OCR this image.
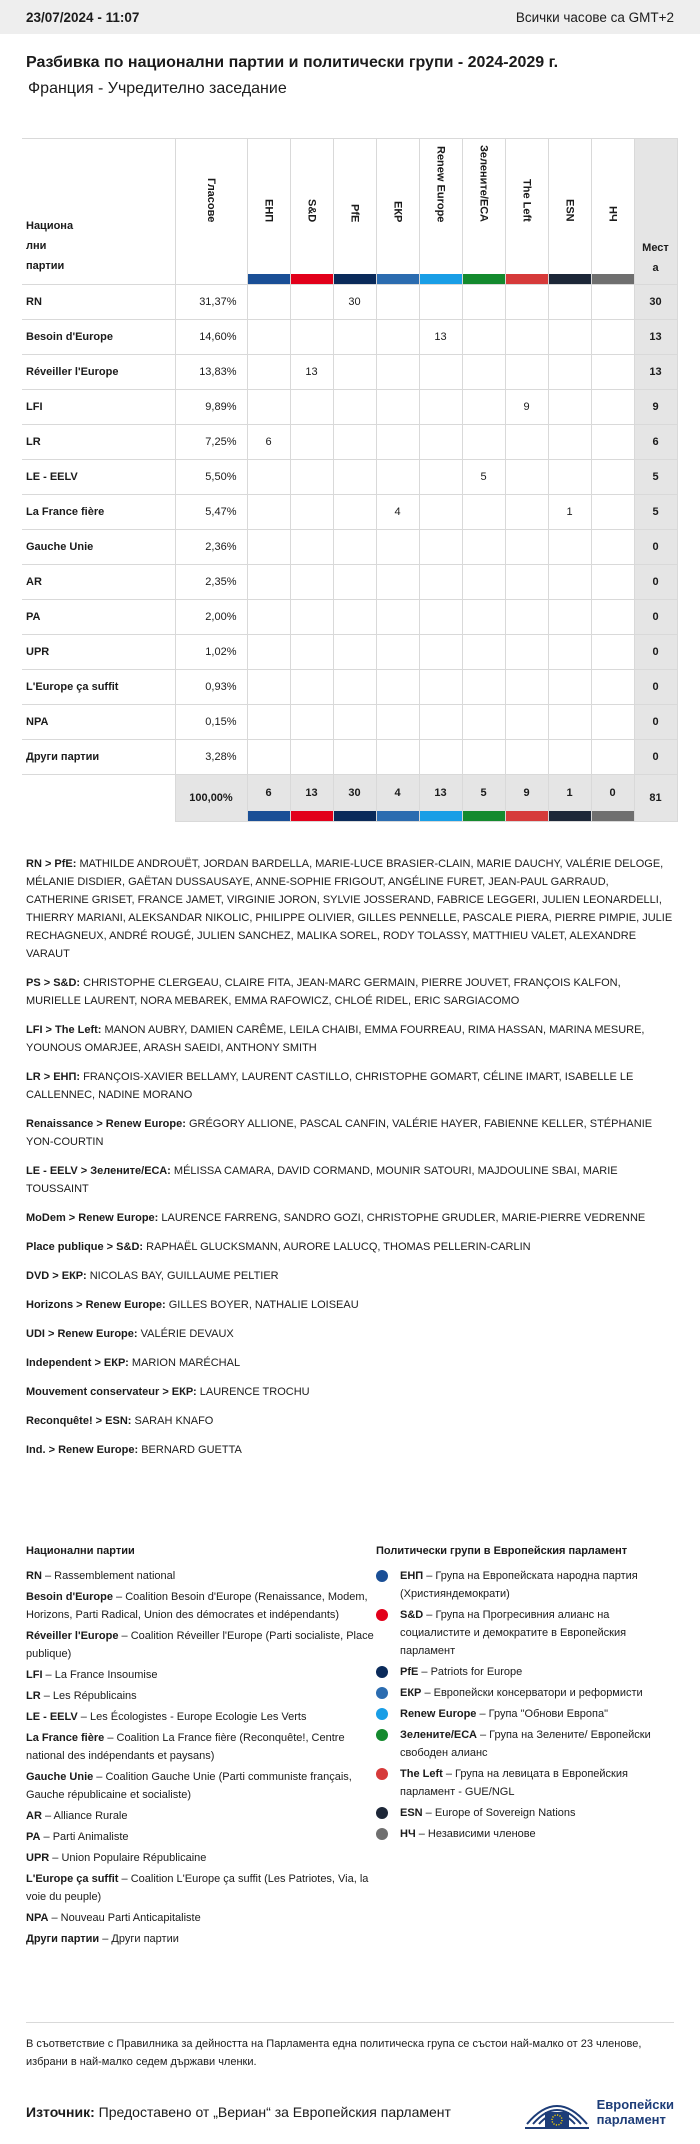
23/07/2024 - 11:07	Всички часове са GMT+2
Разбивка по национални партии и политически групи - 2024-2029 г.
Франция - Учредително заседание
Национа
лни
партии	Гласове	ЕНП	S&D	PfE	ЕКР	Renew Europe	Зелените/ЕСА	The Left	ESN	НЧ	Мест
а
RN	31,37%			30							30
Besoin d'Europe	14,60%					13					13
Réveiller l'Europe	13,83%		13								13
LFI	9,89%							9			9
LR	7,25%	6									6
LE - EELV	5,50%						5				5
La France fière	5,47%				4				1		5
Gauche Unie	2,36%										0
AR	2,35%										0
PA	2,00%										0
UPR	1,02%										0
L'Europe ça suffit	0,93%										0
NPA	0,15%										0
Други партии	3,28%										0
	100,00%	6	13	30	4	13	5	9	1	0	81

RN > PfE: MATHILDE ANDROUËT, JORDAN BARDELLA, MARIE-LUCE BRASIER-CLAIN, MARIE DAUCHY, VALÉRIE DELOGE, MÉLANIE DISDIER, GAËTAN DUSSAUSAYE, ANNE-SOPHIE FRIGOUT, ANGÉLINE FURET, JEAN-PAUL GARRAUD, CATHERINE GRISET, FRANCE JAMET, VIRGINIE JORON, SYLVIE JOSSERAND, FABRICE LEGGERI, JULIEN LEONARDELLI, THIERRY MARIANI, ALEKSANDAR NIKOLIC, PHILIPPE OLIVIER, GILLES PENNELLE, PASCALE PIERA, PIERRE PIMPIE, JULIE RECHAGNEUX, ANDRÉ ROUGÉ, JULIEN SANCHEZ, MALIKA SOREL, RODY TOLASSY, MATTHIEU VALET, ALEXANDRE VARAUT

PS > S&D: CHRISTOPHE CLERGEAU, CLAIRE FITA, JEAN-MARC GERMAIN, PIERRE JOUVET, FRANÇOIS KALFON, MURIELLE LAURENT, NORA MEBAREK, EMMA RAFOWICZ, CHLOÉ RIDEL, ERIC SARGIACOMO

LFI > The Left: MANON AUBRY, DAMIEN CARÊME, LEILA CHAIBI, EMMA FOURREAU, RIMA HASSAN, MARINA MESURE, YOUNOUS OMARJEE, ARASH SAEIDI, ANTHONY SMITH

LR > ЕНП: FRANÇOIS-XAVIER BELLAMY, LAURENT CASTILLO, CHRISTOPHE GOMART, CÉLINE IMART, ISABELLE LE CALLENNEC, NADINE MORANO

Renaissance > Renew Europe: GRÉGORY ALLIONE, PASCAL CANFIN, VALÉRIE HAYER, FABIENNE KELLER, STÉPHANIE YON-COURTIN

LE - EELV > Зелените/ЕСА: MÉLISSA CAMARA, DAVID CORMAND, MOUNIR SATOURI, MAJDOULINE SBAI, MARIE TOUSSAINT

MoDem > Renew Europe: LAURENCE FARRENG, SANDRO GOZI, CHRISTOPHE GRUDLER, MARIE-PIERRE VEDRENNE

Place publique > S&D: RAPHAËL GLUCKSMANN, AURORE LALUCQ, THOMAS PELLERIN-CARLIN

DVD > ЕКР: NICOLAS BAY, GUILLAUME PELTIER

Horizons > Renew Europe: GILLES BOYER, NATHALIE LOISEAU

UDI > Renew Europe: VALÉRIE DEVAUX

Independent > ЕКР: MARION MARÉCHAL

Mouvement conservateur > ЕКР: LAURENCE TROCHU

Reconquête! > ESN: SARAH KNAFO

Ind. > Renew Europe: BERNARD GUETTA

Национални партии
RN – Rassemblement national
Besoin d'Europe – Coalition Besoin d'Europe (Renaissance, Modem, Horizons, Parti Radical, Union des démocrates et indépendants)
Réveiller l'Europe – Coalition Réveiller l'Europe (Parti socialiste, Place publique)
LFI – La France Insoumise
LR – Les Républicains
LE - EELV – Les Écologistes - Europe Ecologie Les Verts
La France fière – Coalition La France fière (Reconquête!, Centre national des indépendants et paysans)
Gauche Unie – Coalition Gauche Unie (Parti communiste français, Gauche républicaine et socialiste)
AR – Alliance Rurale
PA – Parti Animaliste
UPR – Union Populaire Républicaine
L'Europe ça suffit – Coalition L'Europe ça suffit (Les Patriotes, Via, la voie du peuple)
NPA – Nouveau Parti Anticapitaliste
Други партии – Други партии
Политически групи в Европейския парламент
ЕНП – Група на Европейската народна партия (Християндемократи)
S&D – Група на Прогресивния алианс на социалистите и демократите в Европейския парламент
PfE – Patriots for Europe
ЕКР – Европейски консерватори и реформисти
Renew Europe – Група "Обнови Европа"
Зелените/ЕСА – Група на Зелените/ Европейски свободен алианс
The Left – Група на левицата в Европейския парламент - GUE/NGL
ESN – Europe of Sovereign Nations
НЧ – Независими членове
В съответствие с Правилника за дейността на Парламента една политическа група се състои най-малко от 23 членове, избрани в най-малко седем държави членки.
Източник: Предоставено от „Вериан“ за Европейския парламент	Европейски
парламент
